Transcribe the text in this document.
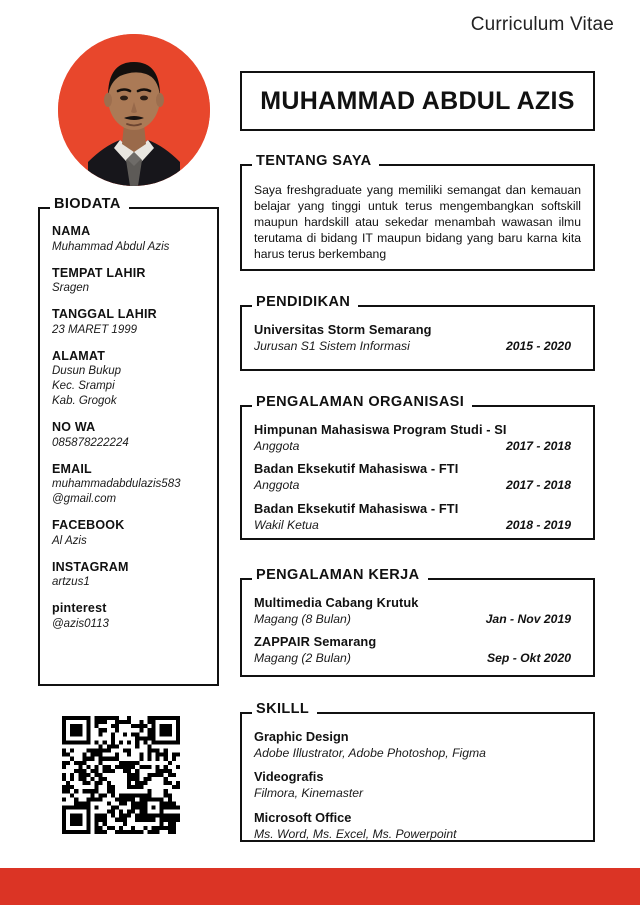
Curriculum Vitae
MUHAMMAD ABDUL AZIS
BIODATA
NAMA
Muhammad Abdul Azis
TEMPAT LAHIR
Sragen
TANGGAL LAHIR
23 MARET 1999
ALAMAT
Dusun Bukup
Kec. Srampi
Kab. Grogok
NO WA
085878222224
EMAIL
muhammadabdulazis583
@gmail.com
FACEBOOK
Al Azis
INSTAGRAM
artzus1
pinterest
@azis0113
TENTANG SAYA
Saya freshgraduate yang memiliki semangat dan kemauan belajar yang tinggi untuk terus mengembangkan softskill maupun hardskill atau sekedar menambah wawasan ilmu terutama di bidang IT maupun bidang yang baru karna kita harus terus berkembang
PENDIDIKAN
Universitas Storm Semarang
Jurusan S1 Sistem Informasi	2015 - 2020
PENGALAMAN ORGANISASI
Himpunan Mahasiswa Program Studi - SI
Anggota	2017 - 2018
Badan Eksekutif Mahasiswa - FTI
Anggota	2017 - 2018
Badan Eksekutif Mahasiswa - FTI
Wakil Ketua	2018 - 2019
PENGALAMAN KERJA
Multimedia Cabang Krutuk
Magang (8 Bulan)	Jan - Nov 2019
ZAPPAIR Semarang
Magang (2 Bulan)	Sep - Okt 2020
SKILLL
Graphic Design
Adobe Illustrator, Adobe Photoshop, Figma
Videografis
Filmora, Kinemaster
Microsoft Office
Ms. Word, Ms. Excel, Ms. Powerpoint
